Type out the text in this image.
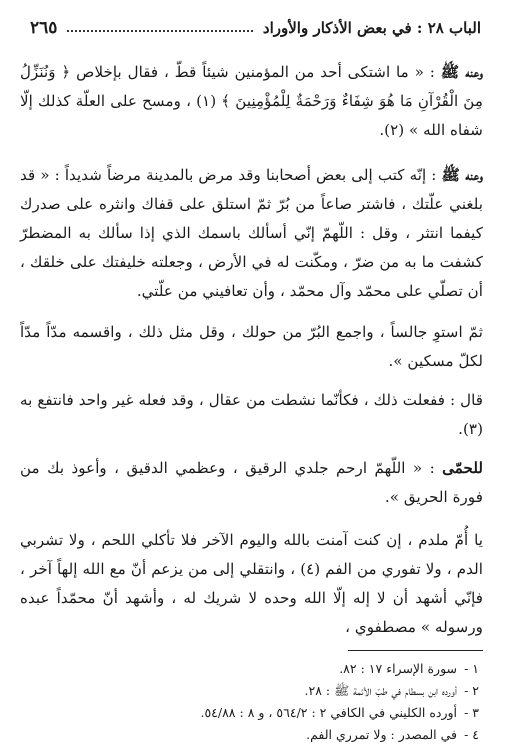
الباب ٢٨ : في بعض الأذكار والأوراد
٢٦٥

وعنه ﷺ : « ما اشتكى أحد من المؤمنين شيئاً قطّ ، فقال بإخلاص ﴿ وَنُنَزِّلُ مِنَ الْقُرْآنِ مَا هُوَ شِفَاءٌ وَرَحْمَةٌ لِلْمُؤْمِنِينَ ﴾ (١) ، ومسح على العلّة كذلك إلّا شفاه الله » (٢).

وعنه ﷺ : إنّه كتب إلى بعض أصحابنا وقد مرض بالمدينة مرضاً شديداً : « قد بلغني علّتك ، فاشتر صاعاً من بُرّ ثمّ استلق على قفاك وانثره على صدرك كيفما انتثر ، وقل : اللّهمّ إنّي أسألك باسمك الذي إذا سألك به المضطرّ كشفت ما به من ضرّ ، ومكّنت له في الأرض ، وجعلته خليفتك على خلقك ، أن تصلّي على محمّد وآل محمّد ، وأن تعافيني من علّتي.

ثمّ استوِ جالساً ، واجمع البُرّ من حولك ، وقل مثل ذلك ، واقسمه مدّاً مدّاً لكلّ مسكين ».

قال : ففعلت ذلك ، فكأنّما نشطت من عقال ، وقد فعله غير واحد فانتفع به (٣).

للحمّى : « اللّهمّ ارحم جلدي الرقيق ، وعظمي الدقيق ، وأعوذ بك من فورة الحريق ».

يا أُمّ ملدم ، إن كنت آمنت بالله واليوم الآخر فلا تأكلي اللحم ، ولا تشربي الدم ، ولا تفوري من الفم (٤) ، وانتقلي إلى من يزعم أنّ مع الله إلهاً آخر ، فإنّي أشهد أن لا إله إلّا الله وحده لا شريك له ، وأشهد أنّ محمّداً عبده ورسوله » مصطفوي ،

١ - سورة الإسراء ١٧ : ٨٢.
٢ - أورده ابن بسطام في طبّ الأئمة ﷺ : ٢٨.
٣ - أورده الكليني في الكافي ٢ : ٥٦٤/٢ ، و ٨ : ٥٤/٨٨.
٤ - في المصدر : ولا تمرري الفم.
